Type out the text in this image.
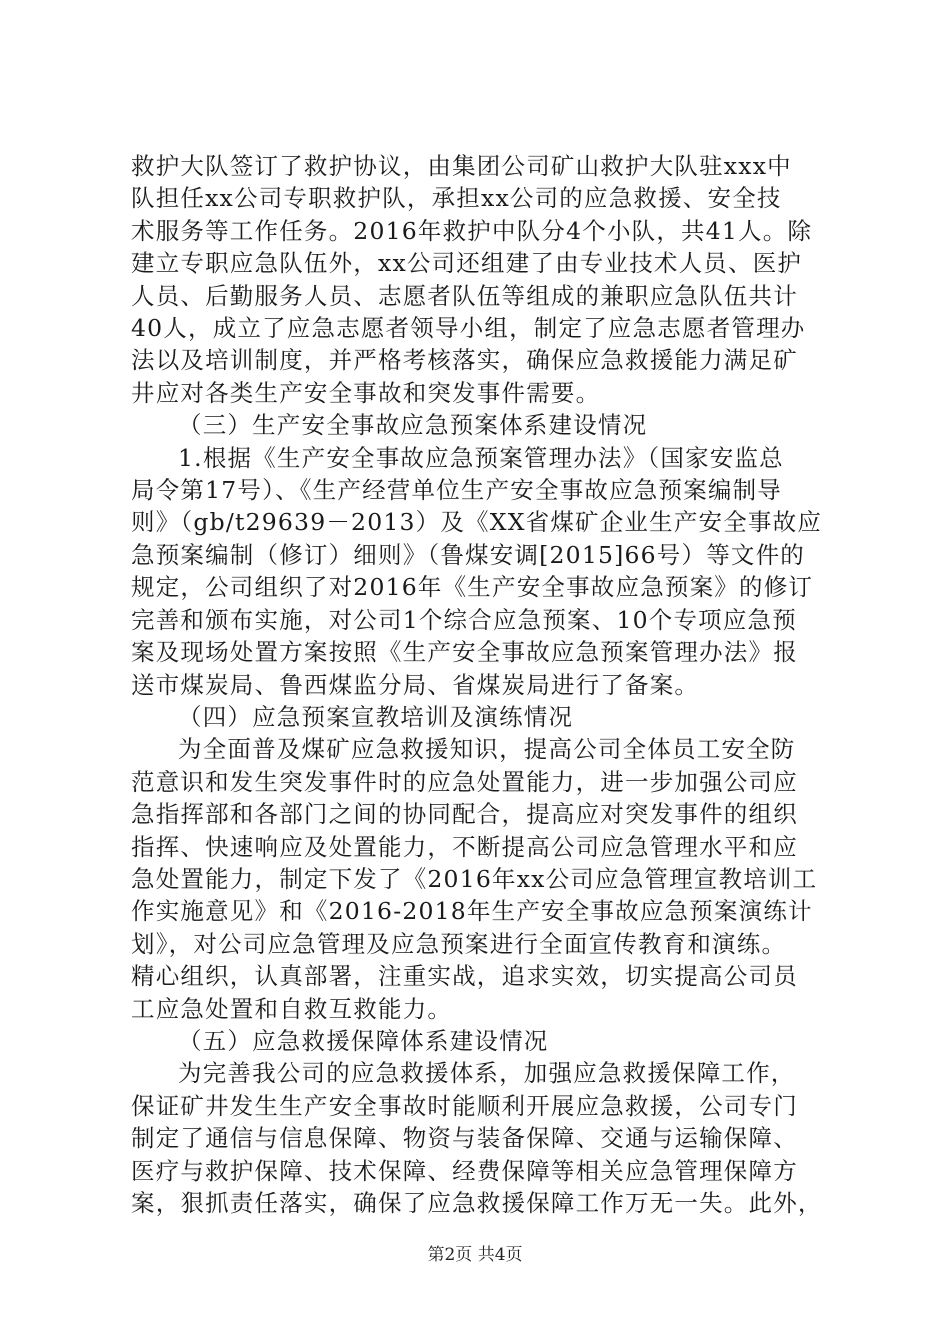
救护大队签订了救护协议，由集团公司矿山救护大队驻xxx中
队担任xx公司专职救护队，承担xx公司的应急救援、安全技
术服务等工作任务。2016年救护中队分4个小队，共41人。除
建立专职应急队伍外，xx公司还组建了由专业技术人员、医护
人员、后勤服务人员、志愿者队伍等组成的兼职应急队伍共计
40人，成立了应急志愿者领导小组，制定了应急志愿者管理办
法以及培训制度，并严格考核落实，确保应急救援能力满足矿
井应对各类生产安全事故和突发事件需要。
（三）生产安全事故应急预案体系建设情况
1.根据《生产安全事故应急预案管理办法》（国家安监总
局令第17号）、《生产经营单位生产安全事故应急预案编制导
则》（gb/t29639－2013）及《XX省煤矿企业生产安全事故应
急预案编制（修订）细则》（鲁煤安调[2015]66号）等文件的
规定，公司组织了对2016年《生产安全事故应急预案》的修订
完善和颁布实施，对公司1个综合应急预案、10个专项应急预
案及现场处置方案按照《生产安全事故应急预案管理办法》报
送市煤炭局、鲁西煤监分局、省煤炭局进行了备案。
（四）应急预案宣教培训及演练情况
为全面普及煤矿应急救援知识，提高公司全体员工安全防
范意识和发生突发事件时的应急处置能力，进一步加强公司应
急指挥部和各部门之间的协同配合，提高应对突发事件的组织
指挥、快速响应及处置能力，不断提高公司应急管理水平和应
急处置能力，制定下发了《2016年xx公司应急管理宣教培训工
作实施意见》和《2016-2018年生产安全事故应急预案演练计
划》，对公司应急管理及应急预案进行全面宣传教育和演练。
精心组织，认真部署，注重实战，追求实效，切实提高公司员
工应急处置和自救互救能力。
（五）应急救援保障体系建设情况
为完善我公司的应急救援体系，加强应急救援保障工作，
保证矿井发生生产安全事故时能顺利开展应急救援，公司专门
制定了通信与信息保障、物资与装备保障、交通与运输保障、
医疗与救护保障、技术保障、经费保障等相关应急管理保障方
案，狠抓责任落实，确保了应急救援保障工作万无一失。此外，
第2页 共4页
